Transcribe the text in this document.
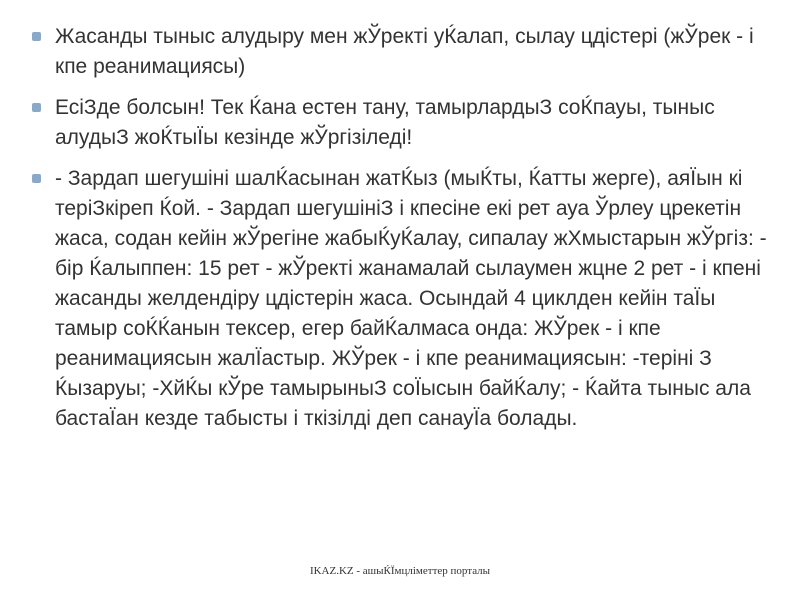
Жасанды тыныс алудыру мен жЎректі уЌалап, сылау цдістері (жЎрек - і кпе реанимациясы)
ЕсіЗде болсын! Тек Ќана естен тану, тамырлардыЗ соЌпауы, тыныс алудыЗ жоЌтыЇы кезінде жЎргізіледі!
- Зардап шегушіні шалЌасынан жатЌыз (мыЌты, Ќатты жерге), аяЇын кі теріЗкіреп Ќой. - Зардап шегушініЗ і кпесіне екі рет ауа Ўрлеу црекетін жаса, содан кейін жЎрегіне жабыЌуЌалау, сипалау жХмыстарын жЎргіз: - бір Ќалыппен: 15 рет - жЎректі жанамалай сылаумен жцне 2 рет - і кпені жасанды желдендіру цдістерін жаса. Осындай 4 циклден кейін таЇы тамыр соЌЌанын тексер, егер байЌалмаса онда: ЖЎрек - і кпе реанимациясын жалЇастыр. ЖЎрек - і кпе реанимациясын: -теріні З Ќызаруы; -ХйЌы кЎре тамырыныЗ соЇысын байЌалу; - Ќайта тыныс ала бастаЇан кезде табысты і ткізілді деп санауЇа болады.
IKAZ.KZ - ашыЌЇмцліметтер порталы
